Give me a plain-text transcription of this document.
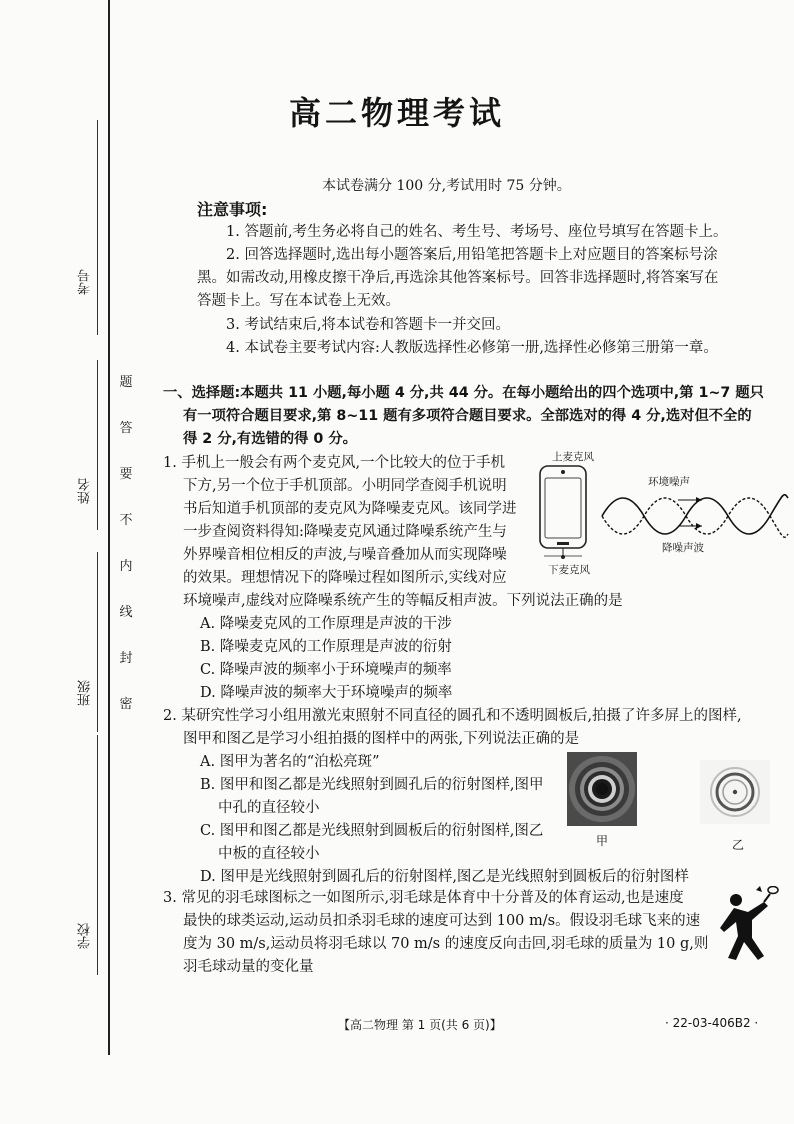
考号
姓名
班级
学校
题
答
要
不
内
线
封
密
高二物理考试
本试卷满分 100 分,考试用时 75 分钟。
注意事项:
1. 答题前,考生务必将自己的姓名、考生号、考场号、座位号填写在答题卡上。
2. 回答选择题时,选出每小题答案后,用铅笔把答题卡上对应题目的答案标号涂
黑。如需改动,用橡皮擦干净后,再选涂其他答案标号。回答非选择题时,将答案写在
答题卡上。写在本试卷上无效。
3. 考试结束后,将本试卷和答题卡一并交回。
4. 本试卷主要考试内容:人教版选择性必修第一册,选择性必修第三册第一章。
一、选择题:本题共 11 小题,每小题 4 分,共 44 分。在每小题给出的四个选项中,第 1~7 题只
有一项符合题目要求,第 8~11 题有多项符合题目要求。全部选对的得 4 分,选对但不全的
得 2 分,有选错的得 0 分。
1. 手机上一般会有两个麦克风,一个比较大的位于手机
下方,另一个位于手机顶部。小明同学查阅手机说明
书后知道手机顶部的麦克风为降噪麦克风。该同学进
一步查阅资料得知:降噪麦克风通过降噪系统产生与
外界噪音相位相反的声波,与噪音叠加从而实现降噪
的效果。理想情况下的降噪过程如图所示,实线对应
环境噪声,虚线对应降噪系统产生的等幅反相声波。下列说法正确的是
A. 降噪麦克风的工作原理是声波的干涉
B. 降噪麦克风的工作原理是声波的衍射
C. 降噪声波的频率小于环境噪声的频率
D. 降噪声波的频率大于环境噪声的频率
上麦克风
下麦克风
环境噪声
降噪声波
2. 某研究性学习小组用激光束照射不同直径的圆孔和不透明圆板后,拍摄了许多屏上的图样,
图甲和图乙是学习小组拍摄的图样中的两张,下列说法正确的是
A. 图甲为著名的“泊松亮斑”
B. 图甲和图乙都是光线照射到圆孔后的衍射图样,图甲
中孔的直径较小
C. 图甲和图乙都是光线照射到圆板后的衍射图样,图乙
中板的直径较小
D. 图甲是光线照射到圆孔后的衍射图样,图乙是光线照射到圆板后的衍射图样
甲	乙
3. 常见的羽毛球图标之一如图所示,羽毛球是体育中十分普及的体育运动,也是速度
最快的球类运动,运动员扣杀羽毛球的速度可达到 100 m/s。假设羽毛球飞来的速
度为 30 m/s,运动员将羽毛球以 70 m/s 的速度反向击回,羽毛球的质量为 10 g,则
羽毛球动量的变化量
【高二物理 第 1 页(共 6 页)】	· 22-03-406B2 ·
